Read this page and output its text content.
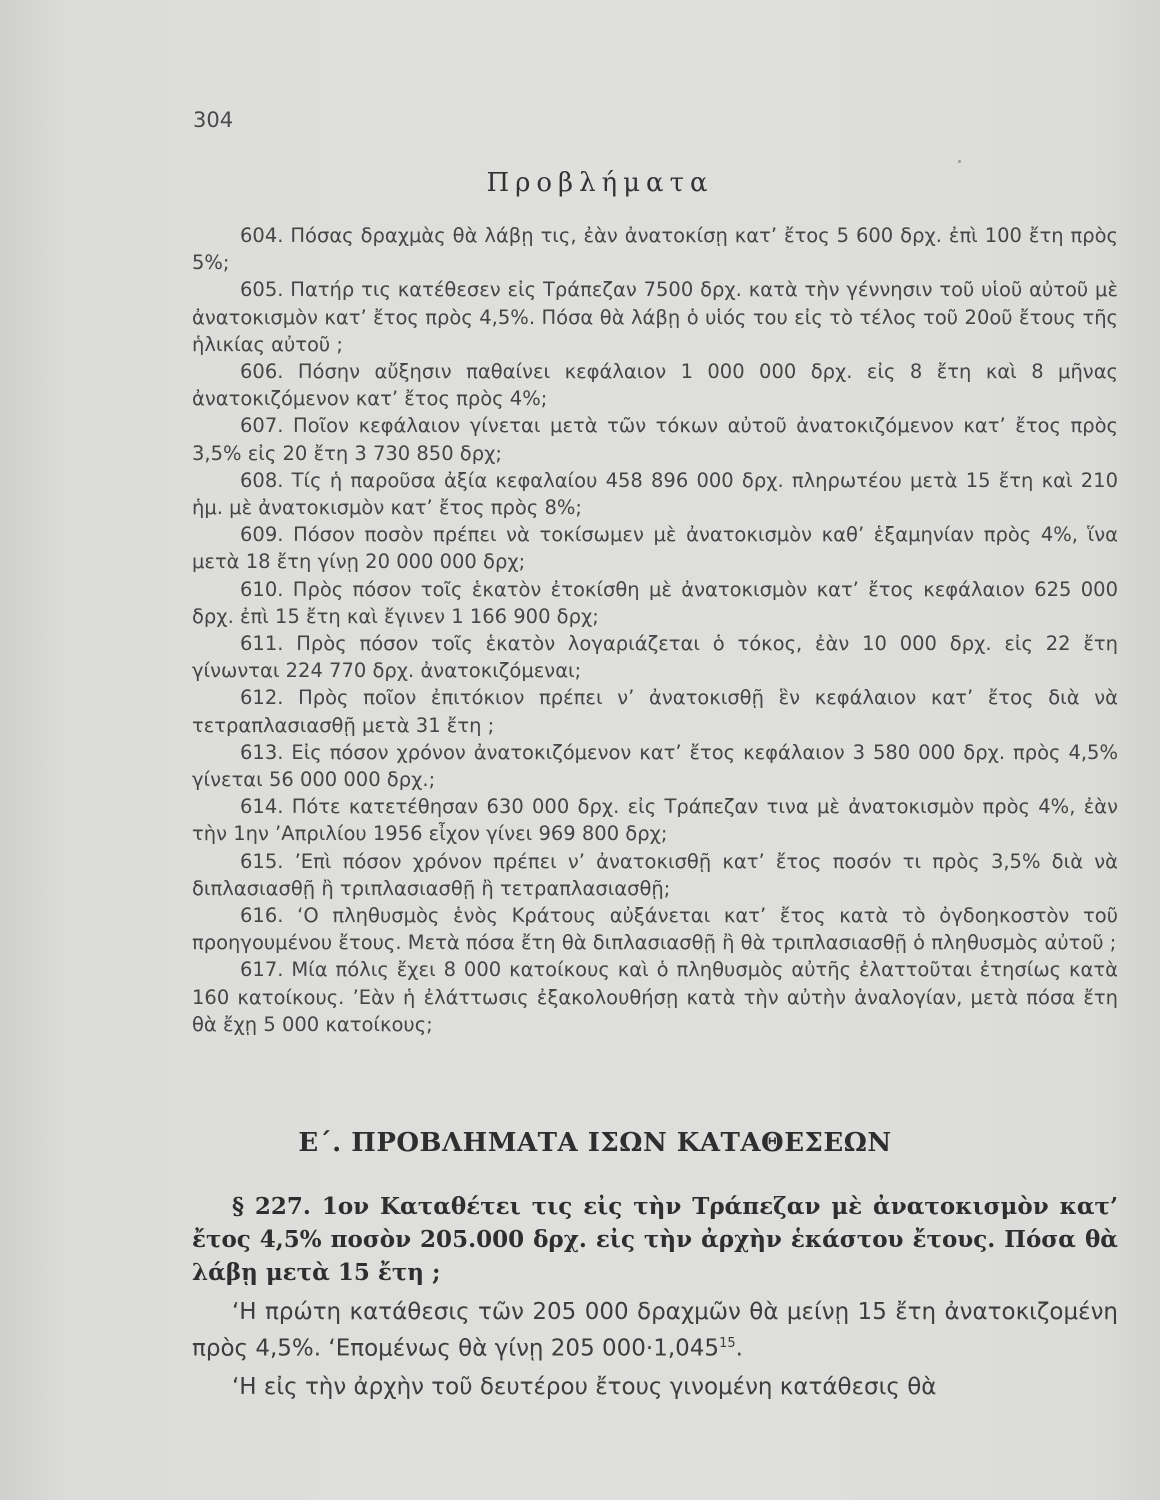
304
Προβλήματα

604. Πόσας δραχμὰς θὰ λάβῃ τις, ἐὰν ἀνατοκίσῃ κατ’ ἔτος 5 600 δρχ. ἐπὶ 100 ἔτη πρὸς 5%;

605. Πατήρ τις κατέθεσεν εἰς Τράπεζαν 7500 δρχ. κατὰ τὴν γέννησιν τοῦ υἱοῦ αὐτοῦ μὲ ἀνατοκισμὸν κατ’ ἔτος πρὸς 4,5%. Πόσα θὰ λάβῃ ὁ υἱός του εἰς τὸ τέλος τοῦ 20οῦ ἔτους τῆς ἡλικίας αὐτοῦ ;

606. Πόσην αὔξησιν παθαίνει κεφάλαιον 1 000 000 δρχ. εἰς 8 ἔτη καὶ 8 μῆνας ἀνατοκιζόμενον κατ’ ἔτος πρὸς 4%;

607. Ποῖον κεφάλαιον γίνεται μετὰ τῶν τόκων αὐτοῦ ἀνατοκιζόμενον κατ’ ἔτος πρὸς 3,5% εἰς 20 ἔτη 3 730 850 δρχ;

608. Τίς ἡ παροῦσα ἀξία κεφαλαίου 458 896 000 δρχ. πληρωτέου μετὰ 15 ἔτη καὶ 210 ἡμ. μὲ ἀνατοκισμὸν κατ’ ἔτος πρὸς 8%;

609. Πόσον ποσὸν πρέπει νὰ τοκίσωμεν μὲ ἀνατοκισμὸν καθ’ ἑξαμηνίαν πρὸς 4%, ἵνα μετὰ 18 ἔτη γίνῃ 20 000 000 δρχ;

610. Πρὸς πόσον τοῖς ἑκατὸν ἐτοκίσθη μὲ ἀνατοκισμὸν κατ’ ἔτος κεφάλαιον 625 000 δρχ. ἐπὶ 15 ἔτη καὶ ἔγινεν 1 166 900 δρχ;

611. Πρὸς πόσον τοῖς ἑκατὸν λογαριάζεται ὁ τόκος, ἐὰν 10 000 δρχ. εἰς 22 ἔτη γίνωνται 224 770 δρχ. ἀνατοκιζόμεναι;

612. Πρὸς ποῖον ἐπιτόκιον πρέπει ν’ ἀνατοκισθῇ ἓν κεφάλαιον κατ’ ἔτος διὰ νὰ τετραπλασιασθῇ μετὰ 31 ἔτη ;

613. Εἰς πόσον χρόνον ἀνατοκιζόμενον κατ’ ἔτος κεφάλαιον 3 580 000 δρχ. πρὸς 4,5% γίνεται 56 000 000 δρχ.;

614. Πότε κατετέθησαν 630 000 δρχ. εἰς Τράπεζαν τινα μὲ ἀνατοκισμὸν πρὸς 4%, ἐὰν τὴν 1ην ’Απριλίου 1956 εἶχον γίνει 969 800 δρχ;

615. ’Επὶ πόσον χρόνον πρέπει ν’ ἀνατοκισθῇ κατ’ ἔτος ποσόν τι πρὸς 3,5% διὰ νὰ διπλασιασθῇ ἢ τριπλασιασθῇ ἢ τετραπλασιασθῇ;

616. ‘Ο πληθυσμὸς ἑνὸς Κράτους αὐξάνεται κατ’ ἔτος κατὰ τὸ ὀγδοηκοστὸν τοῦ προηγουμένου ἔτους. Μετὰ πόσα ἔτη θὰ διπλασιασθῇ ἢ θὰ τριπλασιασθῇ ὁ πληθυσμὸς αὐτοῦ ;

617. Μία πόλις ἔχει 8 000 κατοίκους καὶ ὁ πληθυσμὸς αὐτῆς ἐλαττοῦται ἐτησίως κατὰ 160 κατοίκους. ’Εὰν ἡ ἐλάττωσις ἐξακολουθήσῃ κατὰ τὴν αὐτὴν ἀναλογίαν, μετὰ πόσα ἔτη θὰ ἔχῃ 5 000 κατοίκους;

Ε΄. ΠΡΟΒΛΗΜΑΤΑ ΙΣΩΝ ΚΑΤΑΘΕΣΕΩΝ

§ 227. 1ον Καταθέτει τις εἰς τὴν Τράπεζαν μὲ ἀνατοκισμὸν κατ’ ἔτος 4,5% ποσὸν 205.000 δρχ. εἰς τὴν ἀρχὴν ἑκάστου ἔτους. Πόσα θὰ λάβῃ μετὰ 15 ἔτη ;

‘Η πρώτη κατάθεσις τῶν 205 000 δραχμῶν θὰ μείνῃ 15 ἔτη ἀνατοκιζομένη πρὸς 4,5%. ‘Επομένως θὰ γίνῃ 205 $000\cdot 1,045^{15}$.

‘Η εἰς τὴν ἀρχὴν τοῦ δευτέρου ἔτους γινομένη κατάθεσις θὰ
